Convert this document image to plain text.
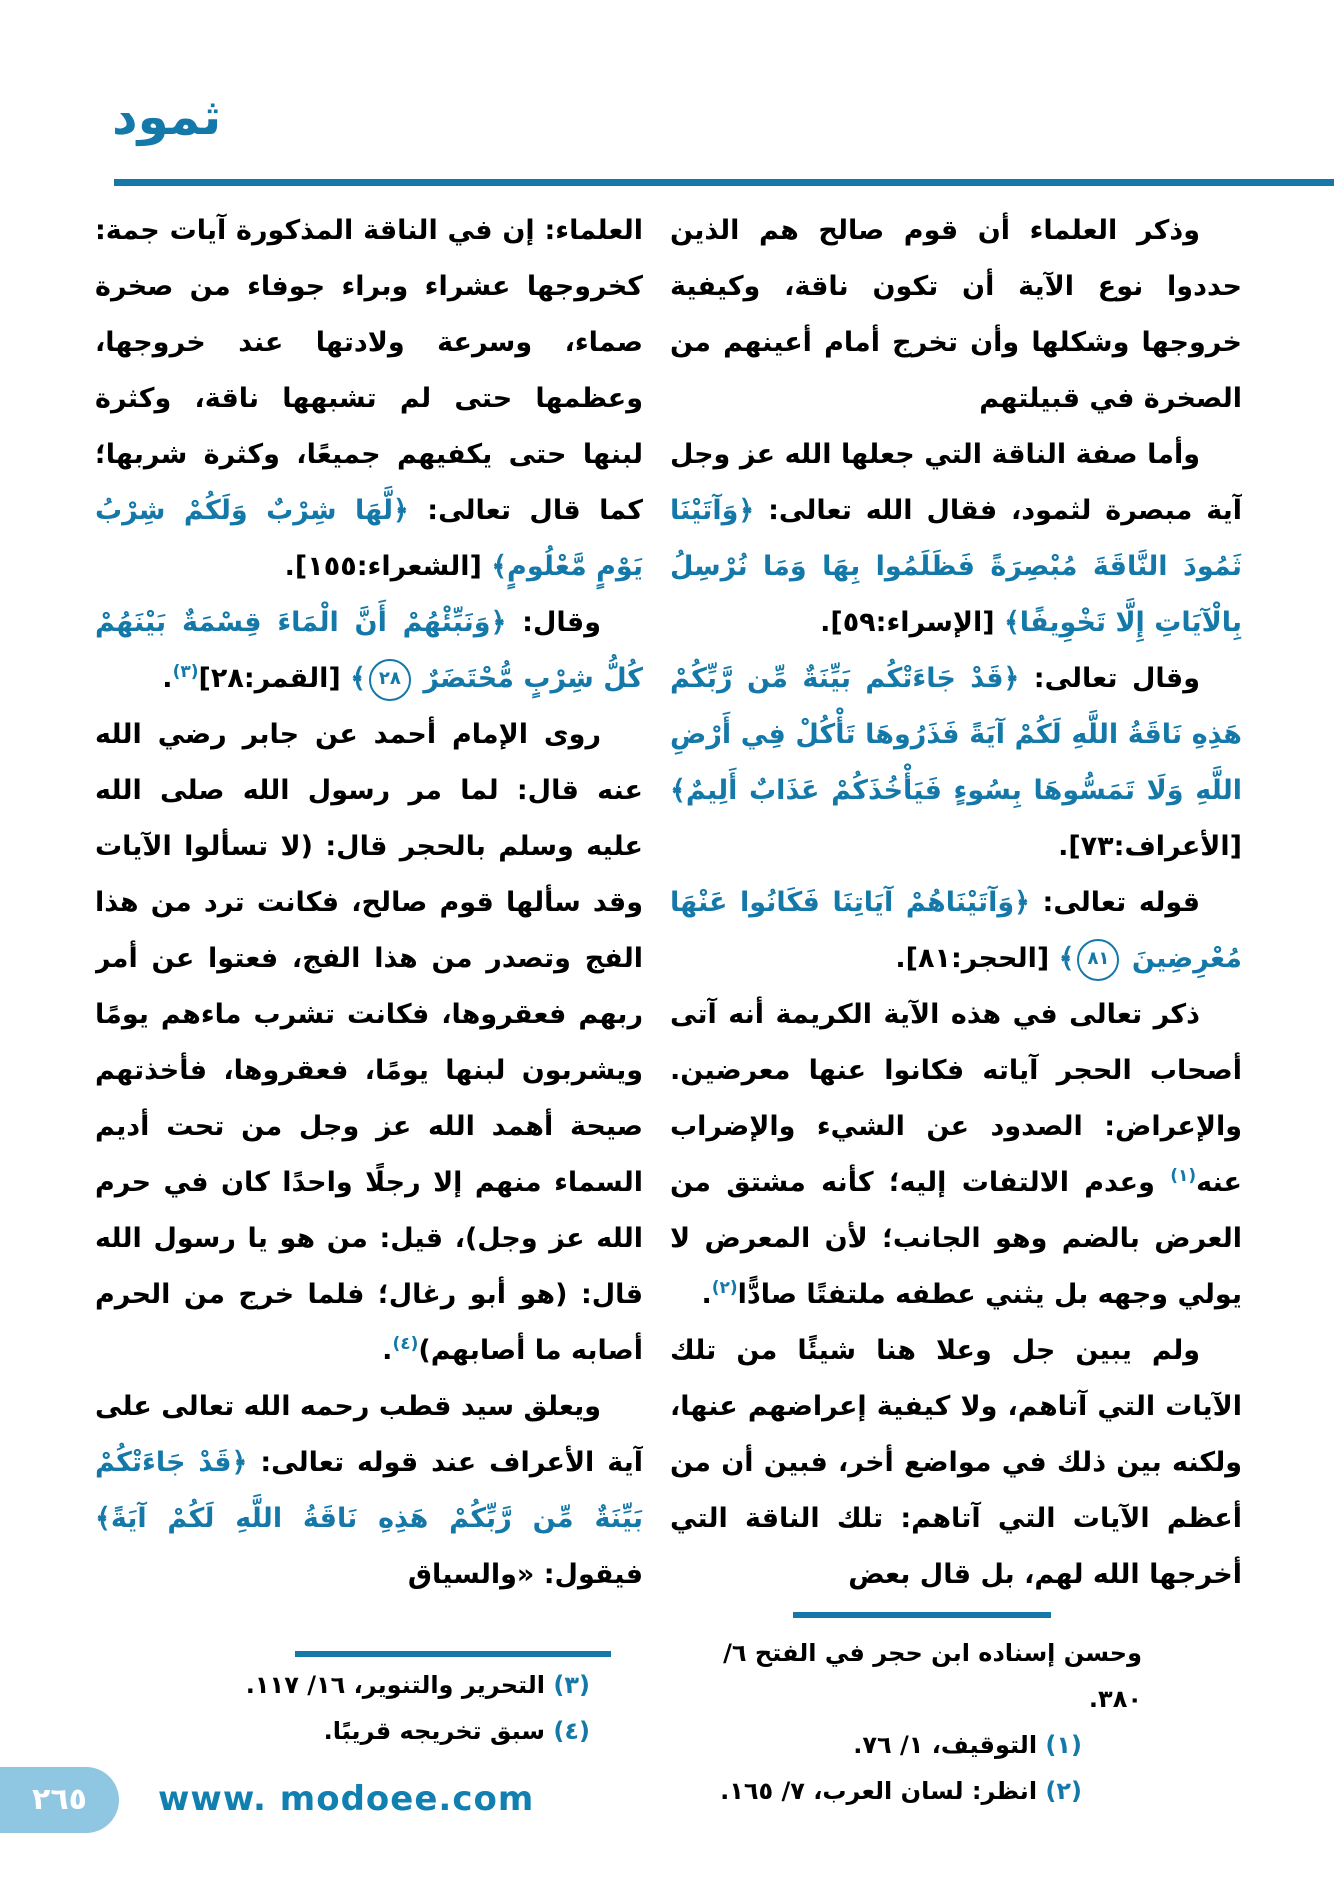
ثمود

وذكر العلماء أن قوم صالح هم الذين حددوا نوع الآية أن تكون ناقة، وكيفية خروجها وشكلها وأن تخرج أمام أعينهم من الصخرة في قبيلتهم

وأما صفة الناقة التي جعلها الله عز وجل آية مبصرة لثمود، فقال الله تعالى: ﴿وَآتَيْنَا ثَمُودَ النَّاقَةَ مُبْصِرَةً فَظَلَمُوا بِهَا وَمَا نُرْسِلُ بِالْآيَاتِ إِلَّا تَخْوِيفًا﴾ [الإسراء:٥٩].

وقال تعالى: ﴿قَدْ جَاءَتْكُم بَيِّنَةٌ مِّن رَّبِّكُمْ هَذِهِ نَاقَةُ اللَّهِ لَكُمْ آيَةً فَذَرُوهَا تَأْكُلْ فِي أَرْضِ اللَّهِ وَلَا تَمَسُّوهَا بِسُوءٍ فَيَأْخُذَكُمْ عَذَابٌ أَلِيمٌ﴾ [الأعراف:٧٣].

قوله تعالى: ﴿وَآتَيْنَاهُمْ آيَاتِنَا فَكَانُوا عَنْهَا مُعْرِضِينَ ٨١﴾ [الحجر:٨١].

ذكر تعالى في هذه الآية الكريمة أنه آتى أصحاب الحجر آياته فكانوا عنها معرضين. والإعراض: الصدود عن الشيء والإضراب عنه$^{(١)}$ وعدم الالتفات إليه؛ كأنه مشتق من العرض بالضم وهو الجانب؛ لأن المعرض لا يولي وجهه بل يثني عطفه ملتفتًا صادًّا$^{(٢)}$.

ولم يبين جل وعلا هنا شيئًا من تلك الآيات التي آتاهم، ولا كيفية إعراضهم عنها، ولكنه بين ذلك في مواضع أخر، فبين أن من أعظم الآيات التي آتاهم: تلك الناقة التي أخرجها الله لهم، بل قال بعض

العلماء: إن في الناقة المذكورة آيات جمة: كخروجها عشراء وبراء جوفاء من صخرة صماء، وسرعة ولادتها عند خروجها، وعظمها حتى لم تشبهها ناقة، وكثرة لبنها حتى يكفيهم جميعًا، وكثرة شربها؛ كما قال تعالى: ﴿لَّهَا شِرْبٌ وَلَكُمْ شِرْبُ يَوْمٍ مَّعْلُومٍ﴾ [الشعراء:١٥٥].

وقال: ﴿وَنَبِّئْهُمْ أَنَّ الْمَاءَ قِسْمَةٌ بَيْنَهُمْ كُلُّ شِرْبٍ مُّحْتَضَرٌ ٢٨﴾ [القمر:٢٨]$^{(٣)}$.

روى الإمام أحمد عن جابر رضي الله عنه قال: لما مر رسول الله صلى الله عليه وسلم بالحجر قال: (لا تسألوا الآيات وقد سألها قوم صالح، فكانت ترد من هذا الفج وتصدر من هذا الفج، فعتوا عن أمر ربهم فعقروها، فكانت تشرب ماءهم يومًا ويشربون لبنها يومًا، فعقروها، فأخذتهم صيحة أهمد الله عز وجل من تحت أديم السماء منهم إلا رجلًا واحدًا كان في حرم الله عز وجل)، قيل: من هو يا رسول الله قال: (هو أبو رغال؛ فلما خرج من الحرم أصابه ما أصابهم)$^{(٤)}$.

ويعلق سيد قطب رحمه الله تعالى على آية الأعراف عند قوله تعالى: ﴿قَدْ جَاءَتْكُمْ بَيِّنَةٌ مِّن رَّبِّكُمْ هَذِهِ نَاقَةُ اللَّهِ لَكُمْ آيَةً﴾ فيقول: «والسياق

وحسن إسناده ابن حجر في الفتح ٦/ ٣٨٠.
(١) التوقيف، ١/ ٧٦.
(٢) انظر: لسان العرب، ٧/ ١٦٥.
(٣) التحرير والتنوير، ١٦/ ١١٧.
(٤) سبق تخريجه قريبًا.
٢٦٥	www. modoee.com
